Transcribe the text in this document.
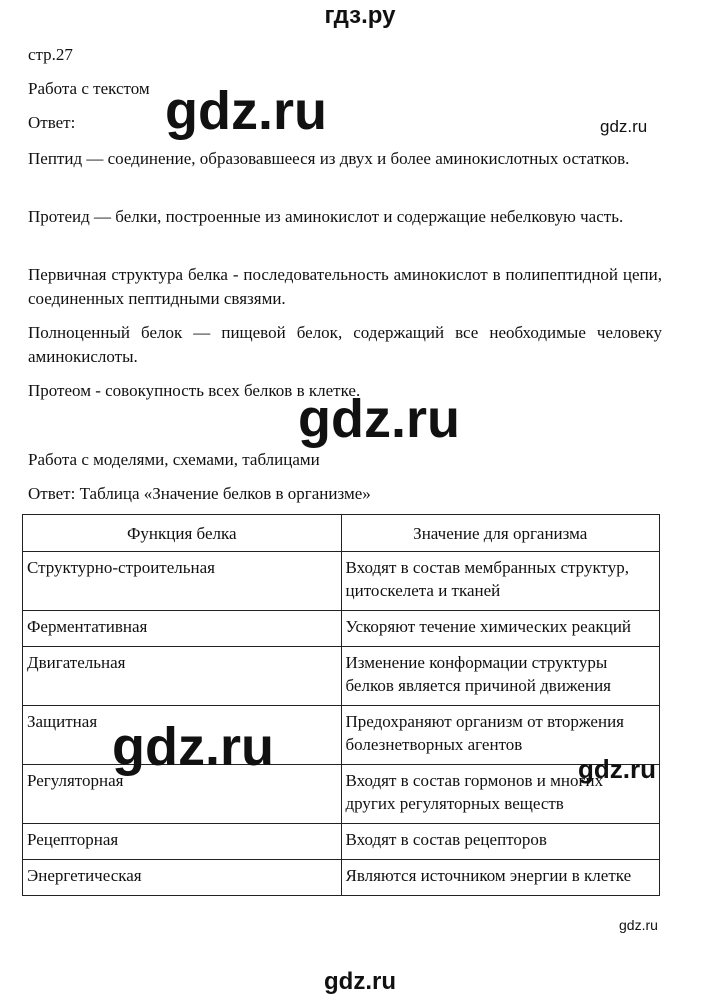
гдз.ру
стр.27
Работа с текстом
Ответ:
Пептид — соединение, образовавшееся из двух и более аминокислотных остатков.
Протеид — белки, построенные из аминокислот и содержащие небелковую часть.
Первичная структура белка - последовательность аминокислот в полипептидной цепи, соединенных пептидными связями.
Полноценный белок — пищевой белок, содержащий все необходимые человеку аминокислоты.
Протеом - совокупность всех белков в клетке.
Работа с моделями, схемами, таблицами
Ответ: Таблица «Значение белков в организме»
Функция белка	Значение для организма
Структурно-строительная	Входят в состав мембранных структур, цитоскелета и тканей
Ферментативная	Ускоряют течение химических реакций
Двигательная	Изменение конформации структуры белков является причиной движения
Защитная	Предохраняют организм от вторжения болезнетворных агентов
Регуляторная	Входят в состав гормонов и многих других регуляторных веществ
Рецепторная	Входят в состав рецепторов
Энергетическая	Являются источником энергии в клетке
gdz.ru	gdz.ru
gdz.ru
gdz.ru	gdz.ru
gdz.ru
gdz.ru
